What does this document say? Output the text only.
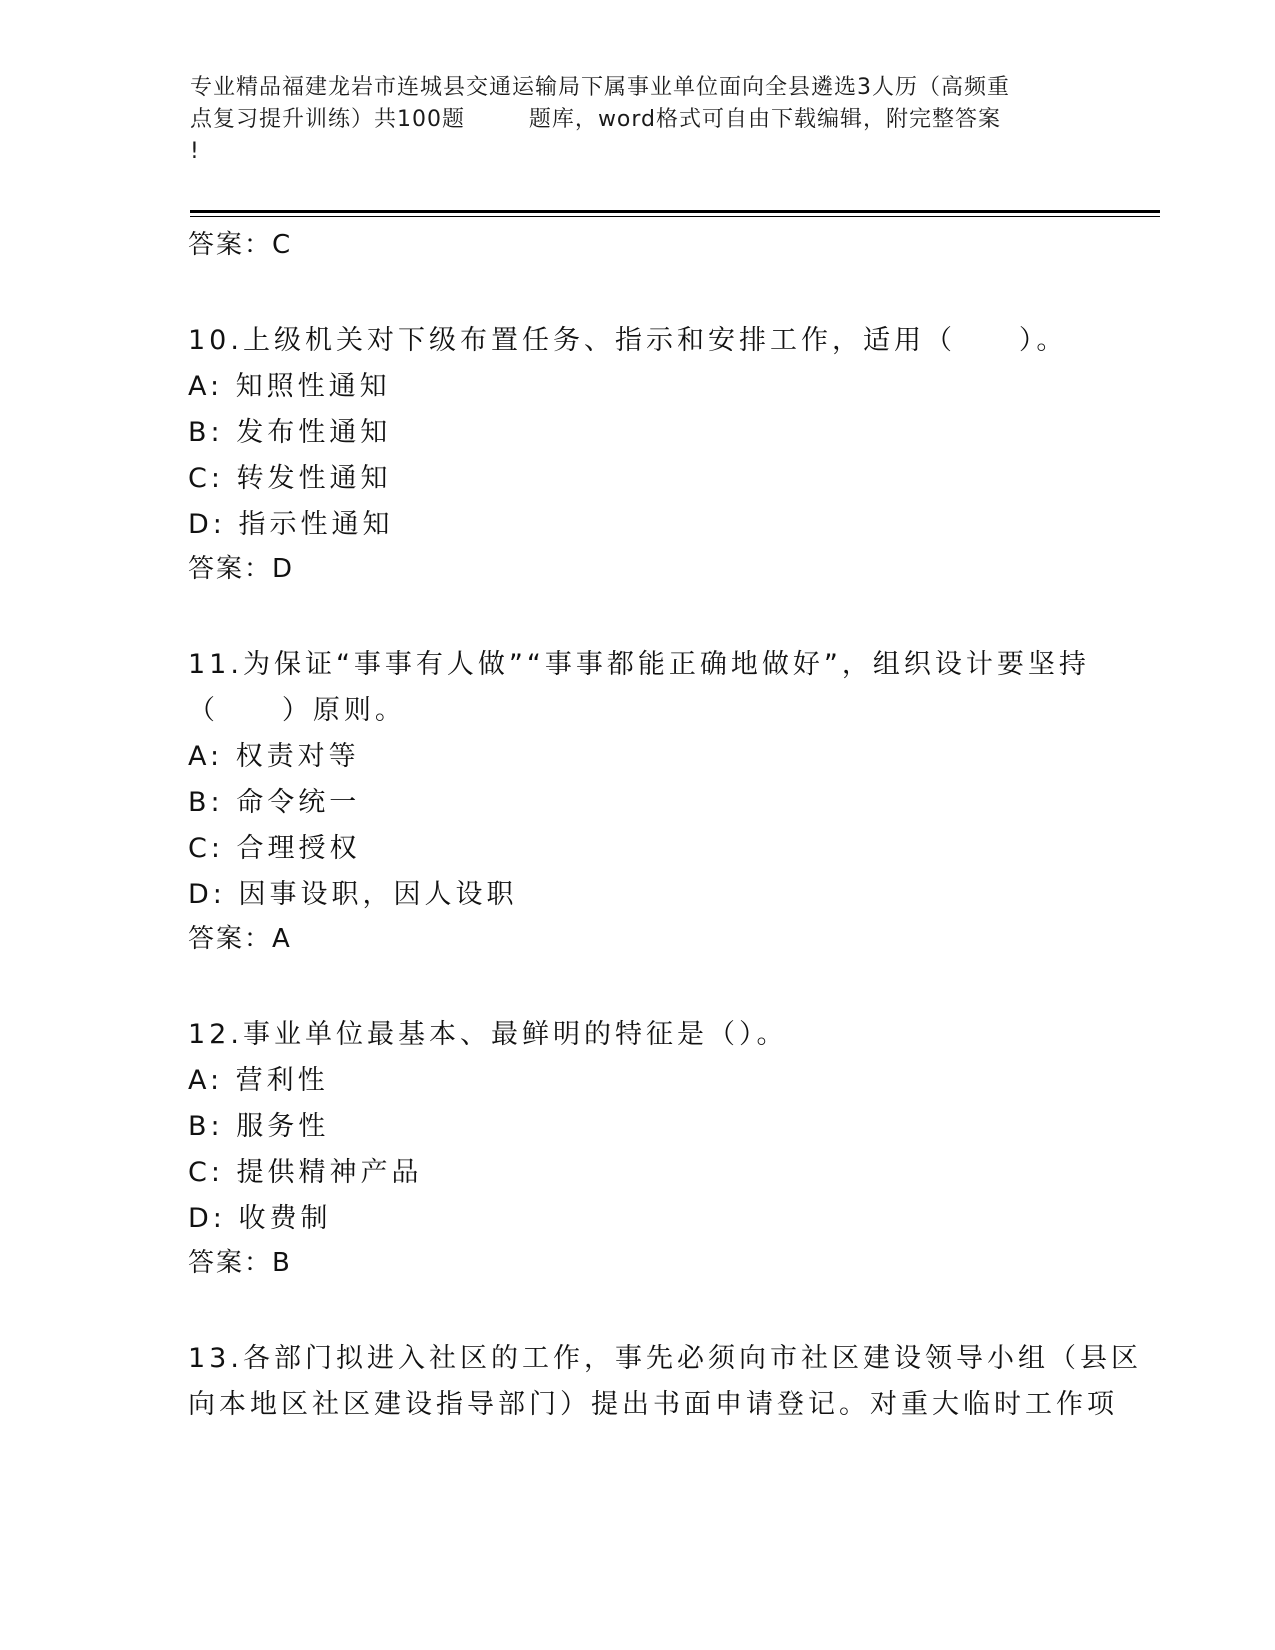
专业精品福建龙岩市连城县交通运输局下属事业单位面向全县遴选3人历（高频重

点复习提升训练）共100题        题库，word格式可自由下载编辑，附完整答案

!

答案：C

10.上级机关对下级布置任务、指示和安排工作，适用（     ）。

A: 知照性通知

B: 发布性通知

C: 转发性通知

D: 指示性通知

答案：D

11.为保证“事事有人做”“事事都能正确地做好”，组织设计要坚持

（     ）原则。

A: 权责对等

B: 命令统一

C: 合理授权

D: 因事设职，因人设职

答案：A

12.事业单位最基本、最鲜明的特征是（）。

A: 营利性

B: 服务性

C: 提供精神产品

D: 收费制

答案：B

13.各部门拟进入社区的工作，事先必须向市社区建设领导小组（县区

向本地区社区建设指导部门）提出书面申请登记。对重大临时工作项
